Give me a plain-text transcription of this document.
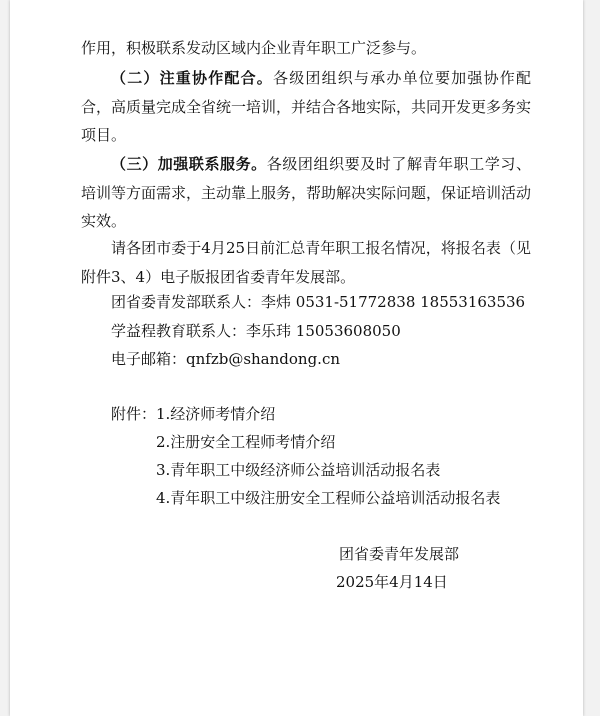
作用，积极联系发动区域内企业青年职工广泛参与。

（二）注重协作配合。各级团组织与承办单位要加强协作配合，高质量完成全省统一培训，并结合各地实际，共同开发更多务实项目。

（三）加强联系服务。各级团组织要及时了解青年职工学习、培训等方面需求，主动靠上服务，帮助解决实际问题，保证培训活动实效。

请各团市委于4月25日前汇总青年职工报名情况，将报名表（见附件3、4）电子版报团省委青年发展部。

团省委青发部联系人：李炜 0531-51772838 18553163536

学益程教育联系人：李乐玮 15053608050

电子邮箱：qnfzb@shandong.cn

附件： 1.经济师考情介绍

2.注册安全工程师考情介绍

3.青年职工中级经济师公益培训活动报名表

4.青年职工中级注册安全工程师公益培训活动报名表

团省委青年发展部

2025年4月14日
